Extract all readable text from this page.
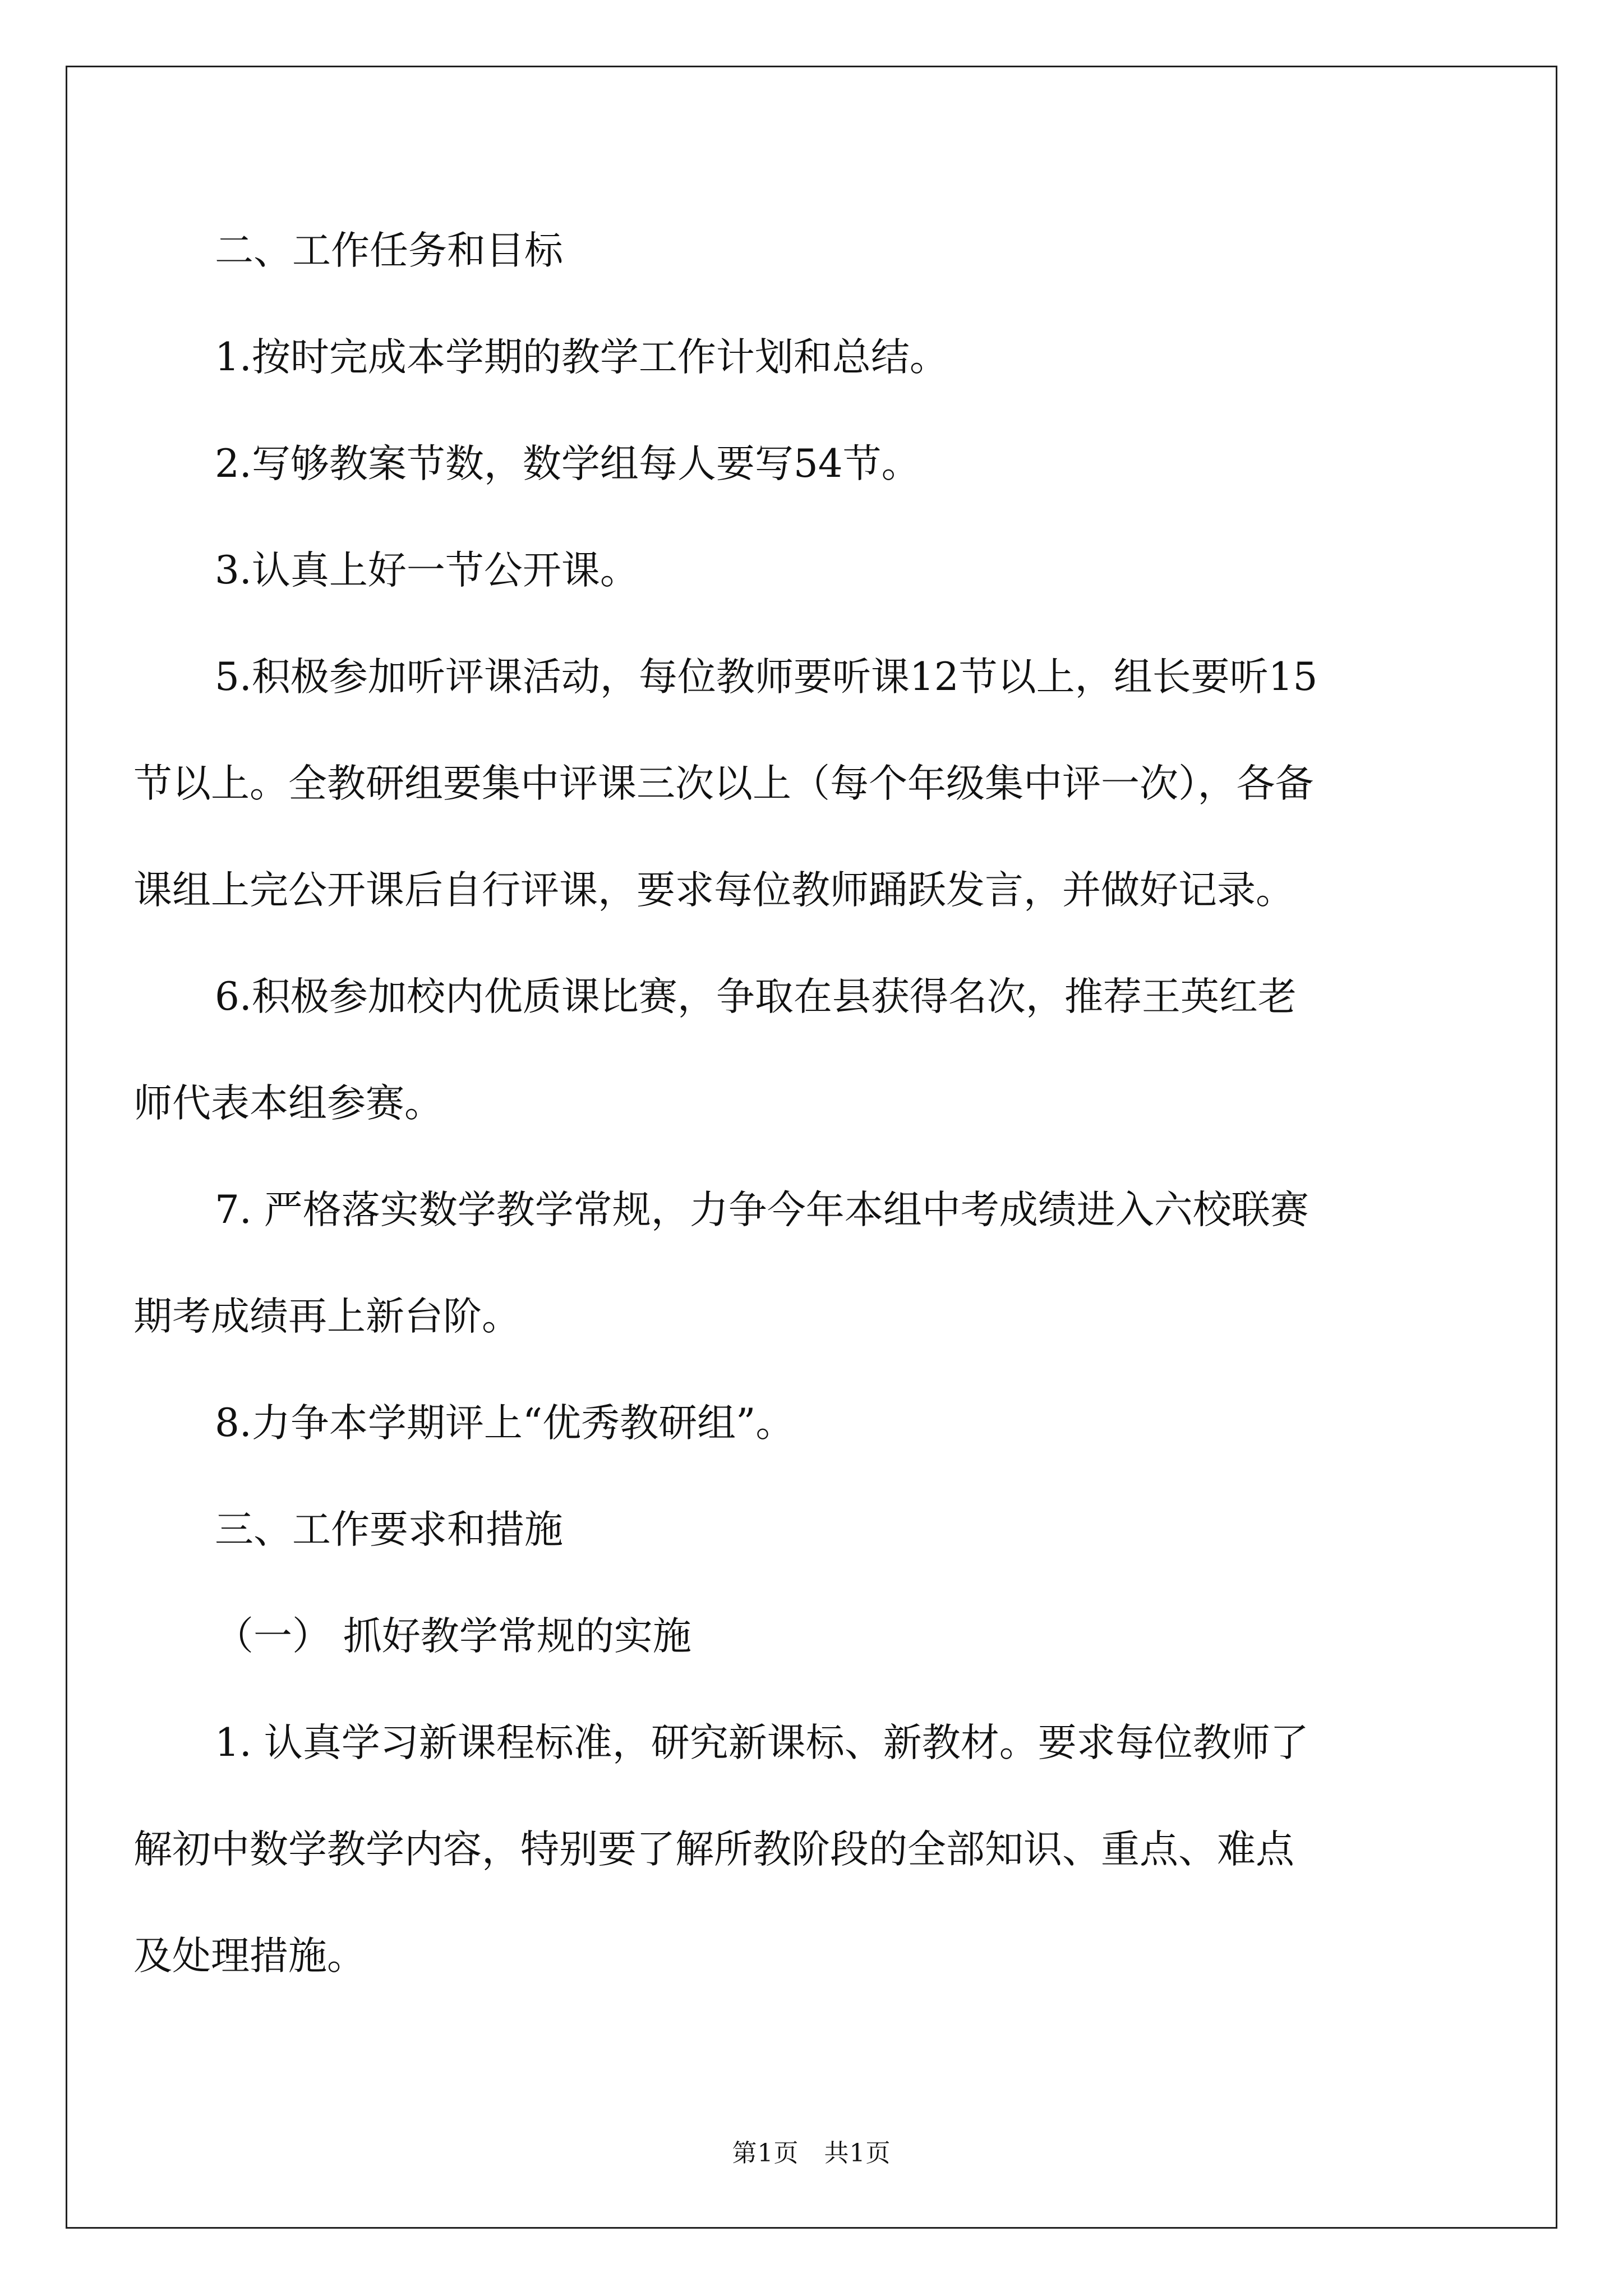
二、工作任务和目标
1.按时完成本学期的教学工作计划和总结。
2.写够教案节数，数学组每人要写54节。
3.认真上好一节公开课。
5.积极参加听评课活动，每位教师要听课12节以上，组长要听15
节以上。全教研组要集中评课三次以上（每个年级集中评一次），各备
课组上完公开课后自行评课，要求每位教师踊跃发言，并做好记录。
6.积极参加校内优质课比赛，争取在县获得名次，推荐王英红老
师代表本组参赛。
7. 严格落实数学教学常规，力争今年本组中考成绩进入六校联赛
期考成绩再上新台阶。
8.力争本学期评上“优秀教研组”。
三、工作要求和措施
（一） 抓好教学常规的实施
1. 认真学习新课程标准，研究新课标、新教材。要求每位教师了
解初中数学教学内容，特别要了解所教阶段的全部知识、重点、难点
及处理措施。
第1页　共1页
